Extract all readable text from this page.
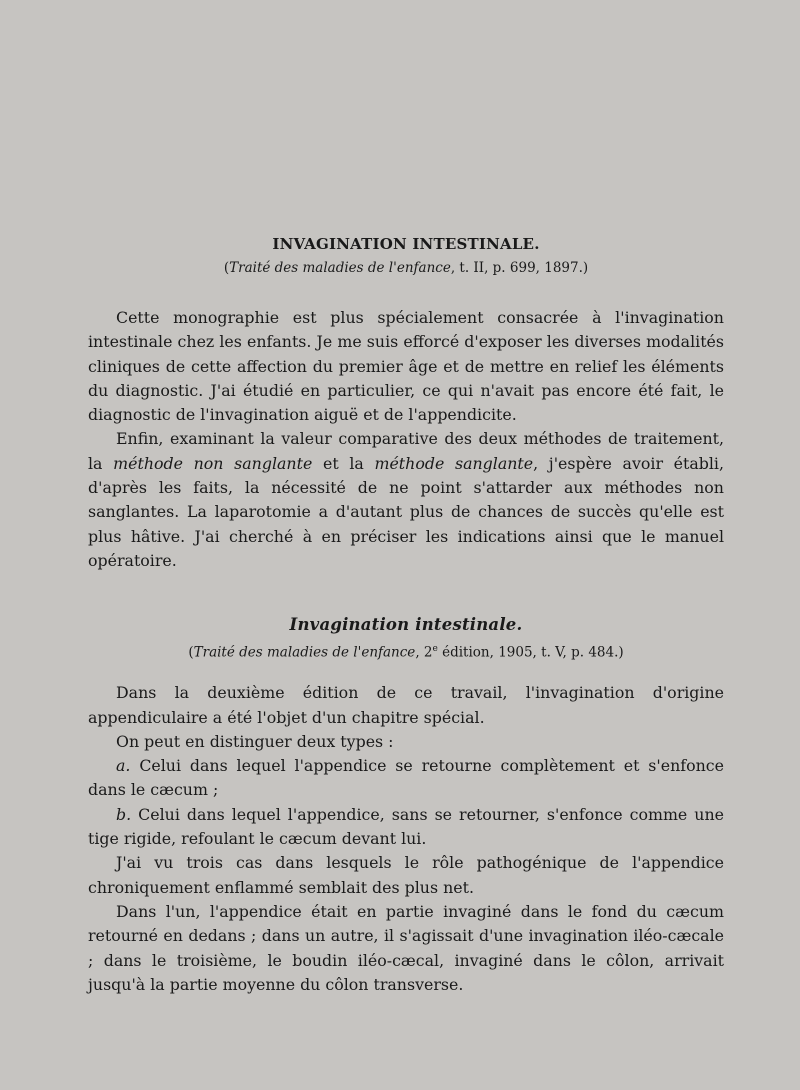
INVAGINATION INTESTINALE.

(Traité des maladies de l'enfance, t. II, p. 699, 1897.)

Cette monographie est plus spécialement consacrée à l'invagination intestinale chez les enfants. Je me suis efforcé d'exposer les diverses modalités cliniques de cette affection du premier âge et de mettre en relief les éléments du diagnostic. J'ai étudié en particulier, ce qui n'avait pas encore été fait, le diagnostic de l'invagination aiguë et de l'appendicite.

Enfin, examinant la valeur comparative des deux méthodes de traitement, la méthode non sanglante et la méthode sanglante, j'espère avoir établi, d'après les faits, la nécessité de ne point s'attarder aux méthodes non sanglantes. La laparotomie a d'autant plus de chances de succès qu'elle est plus hâtive. J'ai cherché à en préciser les indications ainsi que le manuel opératoire.

Invagination intestinale.

(Traité des maladies de l'enfance, 2e édition, 1905, t. V, p. 484.)

Dans la deuxième édition de ce travail, l'invagination d'origine appendiculaire a été l'objet d'un chapitre spécial.

On peut en distinguer deux types :

a. Celui dans lequel l'appendice se retourne complètement et s'enfonce dans le cæcum ;

b. Celui dans lequel l'appendice, sans se retourner, s'enfonce comme une tige rigide, refoulant le cæcum devant lui.

J'ai vu trois cas dans lesquels le rôle pathogénique de l'appendice chroniquement enflammé semblait des plus net.

Dans l'un, l'appendice était en partie invaginé dans le fond du cæcum retourné en dedans ; dans un autre, il s'agissait d'une invagination iléo-cæcale ; dans le troisième, le boudin iléo-cæcal, invaginé dans le côlon, arrivait jusqu'à la partie moyenne du côlon transverse.
